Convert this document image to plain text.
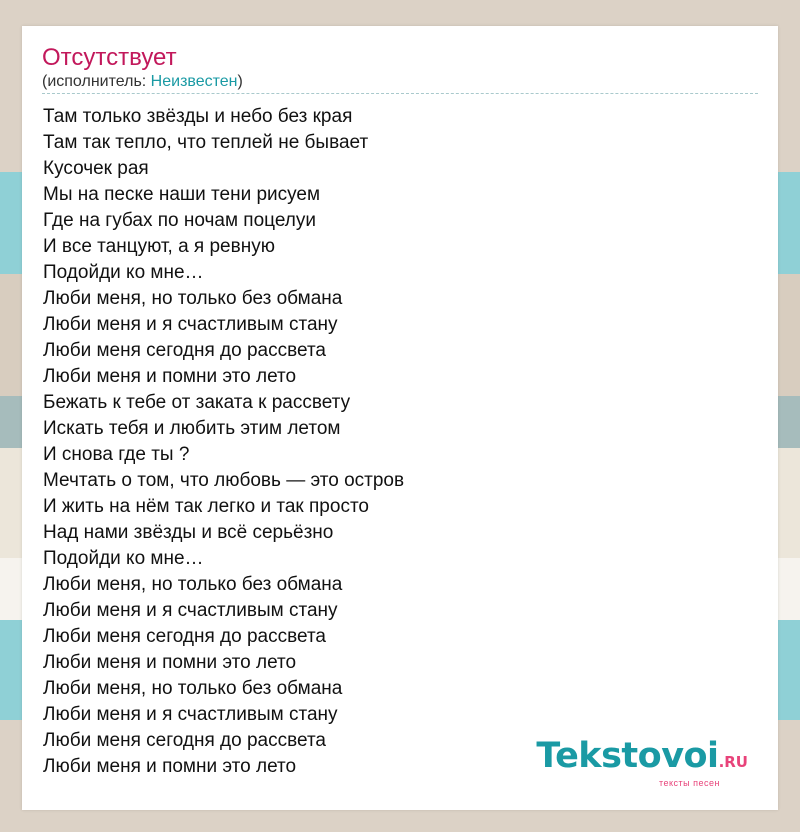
Отсутствует
(исполнитель: Неизвестен)
Там только звёзды и небо без края
Там так тепло, что теплей не бывает
Кусочек рая
Мы на песке наши тени рисуем
Где на губах по ночам поцелуи
И все танцуют, а я ревную
Подойди ко мне…
Люби меня, но только без обмана
Люби меня и я счастливым стану
Люби меня сегодня до рассвета
Люби меня и помни это лето
Бежать к тебе от заката к рассвету
Искать тебя и любить этим летом
И снова где ты ?
Мечтать о том, что любовь — это остров
И жить на нём так легко и так просто
Над нами звёзды и всё серьёзно
Подойди ко мне…
Люби меня, но только без обмана
Люби меня и я счастливым стану
Люби меня сегодня до рассвета
Люби меня и помни это лето
Люби меня, но только без обмана
Люби меня и я счастливым стану
Люби меня сегодня до рассвета
Люби меня и помни это лето	Tekstovoi.RU
тексты песен
